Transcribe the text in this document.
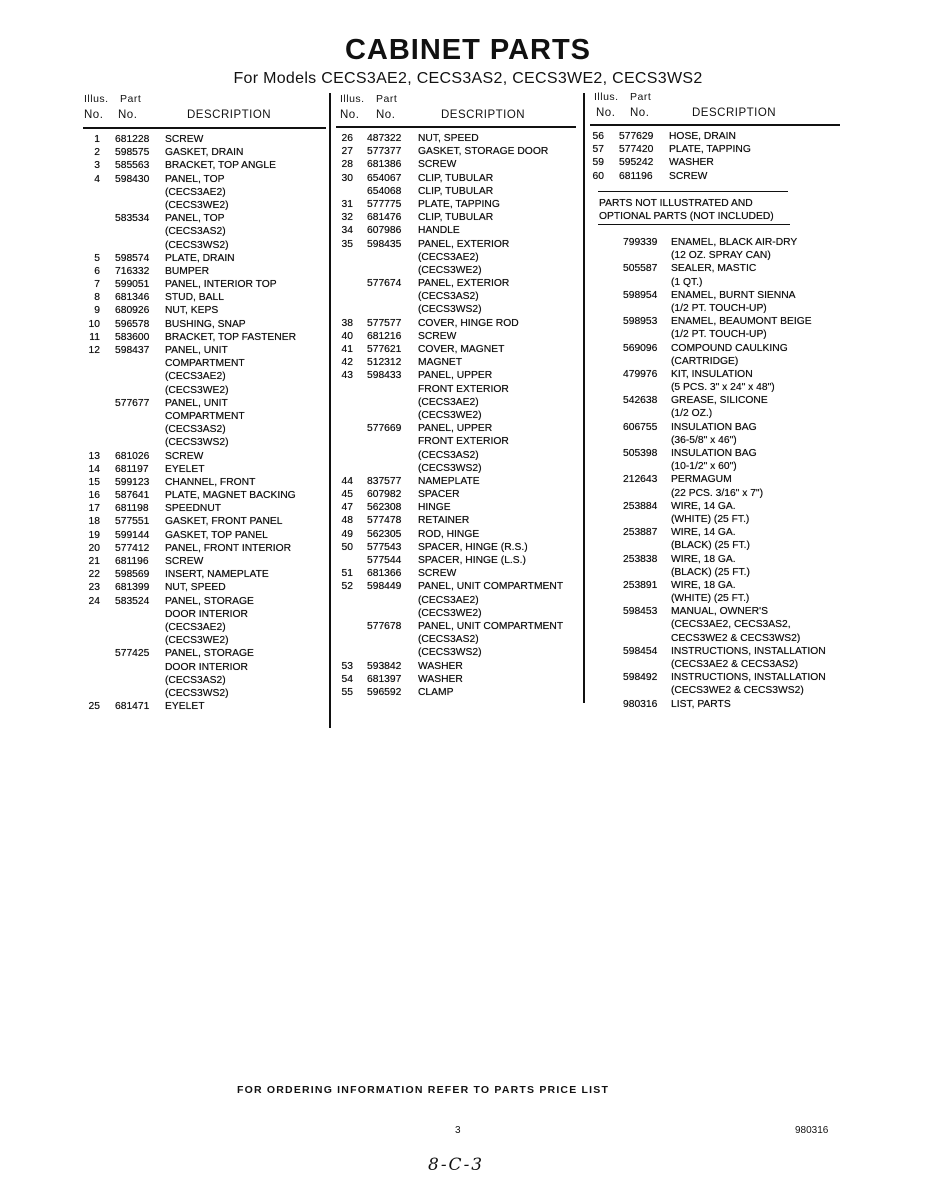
CABINET PARTS
For Models CECS3AE2, CECS3AS2, CECS3WE2, CECS3WS2
Illus. Part
No. No.	DESCRIPTION
Illus. Part
No. No.	DESCRIPTION
Illus. Part
No. No.	DESCRIPTION
1 681228 SCREW
2 598575 GASKET, DRAIN
3 585563 BRACKET, TOP ANGLE
4 598430 PANEL, TOP
(CECS3AE2)
(CECS3WE2)
583534 PANEL, TOP
(CECS3AS2)
(CECS3WS2)
5 598574 PLATE, DRAIN
6 716332 BUMPER
7 599051 PANEL, INTERIOR TOP
8 681346 STUD, BALL
9 680926 NUT, KEPS
10 596578 BUSHING, SNAP
11 583600 BRACKET, TOP FASTENER
12 598437 PANEL, UNIT
COMPARTMENT
(CECS3AE2)
(CECS3WE2)
577677 PANEL, UNIT
COMPARTMENT
(CECS3AS2)
(CECS3WS2)
13 681026 SCREW
14 681197 EYELET
15 599123 CHANNEL, FRONT
16 587641 PLATE, MAGNET BACKING
17 681198 SPEEDNUT
18 577551 GASKET, FRONT PANEL
19 599144 GASKET, TOP PANEL
20 577412 PANEL, FRONT INTERIOR
21 681196 SCREW
22 598569 INSERT, NAMEPLATE
23 681399 NUT, SPEED
24 583524 PANEL, STORAGE
DOOR INTERIOR
(CECS3AE2)
(CECS3WE2)
577425 PANEL, STORAGE
DOOR INTERIOR
(CECS3AS2)
(CECS3WS2)
25 681471 EYELET
26 487322 NUT, SPEED
27 577377 GASKET, STORAGE DOOR
28 681386 SCREW
30 654067 CLIP, TUBULAR
654068 CLIP, TUBULAR
31 577775 PLATE, TAPPING
32 681476 CLIP, TUBULAR
34 607986 HANDLE
35 598435 PANEL, EXTERIOR
(CECS3AE2)
(CECS3WE2)
577674 PANEL, EXTERIOR
(CECS3AS2)
(CECS3WS2)
38 577577 COVER, HINGE ROD
40 681216 SCREW
41 577621 COVER, MAGNET
42 512312 MAGNET
43 598433 PANEL, UPPER
FRONT EXTERIOR
(CECS3AE2)
(CECS3WE2)
577669 PANEL, UPPER
FRONT EXTERIOR
(CECS3AS2)
(CECS3WS2)
44 837577 NAMEPLATE
45 607982 SPACER
47 562308 HINGE
48 577478 RETAINER
49 562305 ROD, HINGE
50 577543 SPACER, HINGE (R.S.)
577544 SPACER, HINGE (L.S.)
51 681366 SCREW
52 598449 PANEL, UNIT COMPARTMENT
(CECS3AE2)
(CECS3WE2)
577678 PANEL, UNIT COMPARTMENT
(CECS3AS2)
(CECS3WS2)
53 593842 WASHER
54 681397 WASHER
55 596592 CLAMP
56 577629 HOSE, DRAIN
57 577420 PLATE, TAPPING
59 595242 WASHER
60 681196 SCREW
PARTS NOT ILLUSTRATED AND
OPTIONAL PARTS (NOT INCLUDED)
799339 ENAMEL, BLACK AIR-DRY
(12 OZ. SPRAY CAN)
505587 SEALER, MASTIC
(1 QT.)
598954 ENAMEL, BURNT SIENNA
(1/2 PT. TOUCH-UP)
598953 ENAMEL, BEAUMONT BEIGE
(1/2 PT. TOUCH-UP)
569096 COMPOUND CAULKING
(CARTRIDGE)
479976 KIT, INSULATION
(5 PCS. 3" x 24" x 48")
542638 GREASE, SILICONE
(1/2 OZ.)
606755 INSULATION BAG
(36-5/8" x 46")
505398 INSULATION BAG
(10-1/2" x 60")
212643 PERMAGUM
(22 PCS. 3/16" x 7")
253884 WIRE, 14 GA.
(WHITE) (25 FT.)
253887 WIRE, 14 GA.
(BLACK) (25 FT.)
253838 WIRE, 18 GA.
(BLACK) (25 FT.)
253891 WIRE, 18 GA.
(WHITE) (25 FT.)
598453 MANUAL, OWNER'S
(CECS3AE2, CECS3AS2,
CECS3WE2 & CECS3WS2)
598454 INSTRUCTIONS, INSTALLATION
(CECS3AE2 & CECS3AS2)
598492 INSTRUCTIONS, INSTALLATION
(CECS3WE2 & CECS3WS2)
980316 LIST, PARTS
FOR ORDERING INFORMATION REFER TO PARTS PRICE LIST
3	980316
8-C-3
